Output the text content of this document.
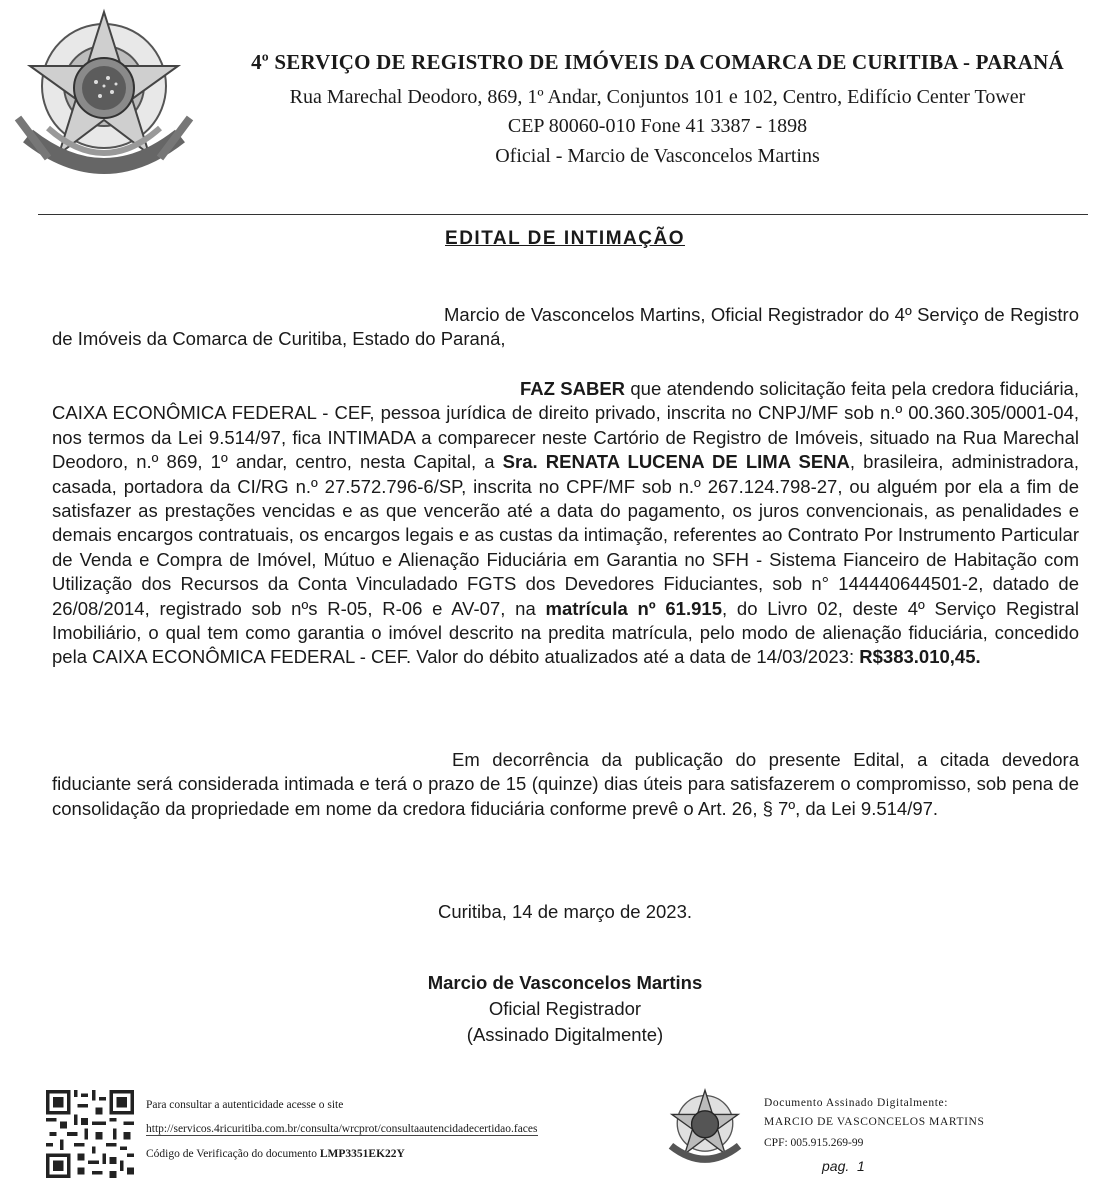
4º SERVIÇO DE REGISTRO DE IMÓVEIS DA COMARCA DE CURITIBA - PARANÁ
Rua Marechal Deodoro, 869, 1º Andar, Conjuntos 101 e 102, Centro, Edifício Center Tower
CEP 80060-010 Fone 41 3387 - 1898
Oficial - Marcio de Vasconcelos Martins
EDITAL DE INTIMAÇÃO
Marcio de Vasconcelos Martins, Oficial Registrador do 4º Serviço de Registro de Imóveis da Comarca de Curitiba, Estado do Paraná,
FAZ SABER que atendendo solicitação feita pela credora fiduciária, CAIXA ECONÔMICA FEDERAL - CEF, pessoa jurídica de direito privado, inscrita no CNPJ/MF sob n.º 00.360.305/0001-04, nos termos da Lei 9.514/97, fica INTIMADA a comparecer neste Cartório de Registro de Imóveis, situado na Rua Marechal Deodoro, n.º 869, 1º andar, centro, nesta Capital, a Sra. RENATA LUCENA DE LIMA SENA, brasileira, administradora, casada, portadora da CI/RG n.º 27.572.796-6/SP, inscrita no CPF/MF sob n.º 267.124.798-27, ou alguém por ela a fim de satisfazer as prestações vencidas e as que vencerão até a data do pagamento, os juros convencionais, as penalidades e demais encargos contratuais, os encargos legais e as custas da intimação, referentes ao Contrato Por Instrumento Particular de Venda e Compra de Imóvel, Mútuo e Alienação Fiduciária em Garantia no SFH - Sistema Fianceiro de Habitação com Utilização dos Recursos da Conta Vinculadado FGTS dos Devedores Fiduciantes, sob n° 144440644501-2, datado de 26/08/2014, registrado sob nºs R-05, R-06 e AV-07, na matrícula nº 61.915, do Livro 02, deste 4º Serviço Registral Imobiliário, o qual tem como garantia o imóvel descrito na predita matrícula, pelo modo de alienação fiduciária, concedido pela CAIXA ECONÔMICA FEDERAL - CEF. Valor do débito atualizados até a data de 14/03/2023: R$383.010,45.
Em decorrência da publicação do presente Edital, a citada devedora fiduciante será considerada intimada e terá o prazo de 15 (quinze) dias úteis para satisfazerem o compromisso, sob pena de consolidação da propriedade em nome da credora fiduciária conforme prevê o Art. 26, § 7º, da Lei 9.514/97.
Curitiba, 14 de março de 2023.
Marcio de Vasconcelos Martins
Oficial Registrador
(Assinado Digitalmente)
Para consultar a autenticidade acesse o site
http://servicos.4ricuritiba.com.br/consulta/wrcprot/consultaautencidadecertidao.faces
Código de Verificação do documento LMP3351EK22Y
Documento Assinado Digitalmente:
MARCIO DE VASCONCELOS MARTINS
CPF: 005.915.269-99
pag.  1
